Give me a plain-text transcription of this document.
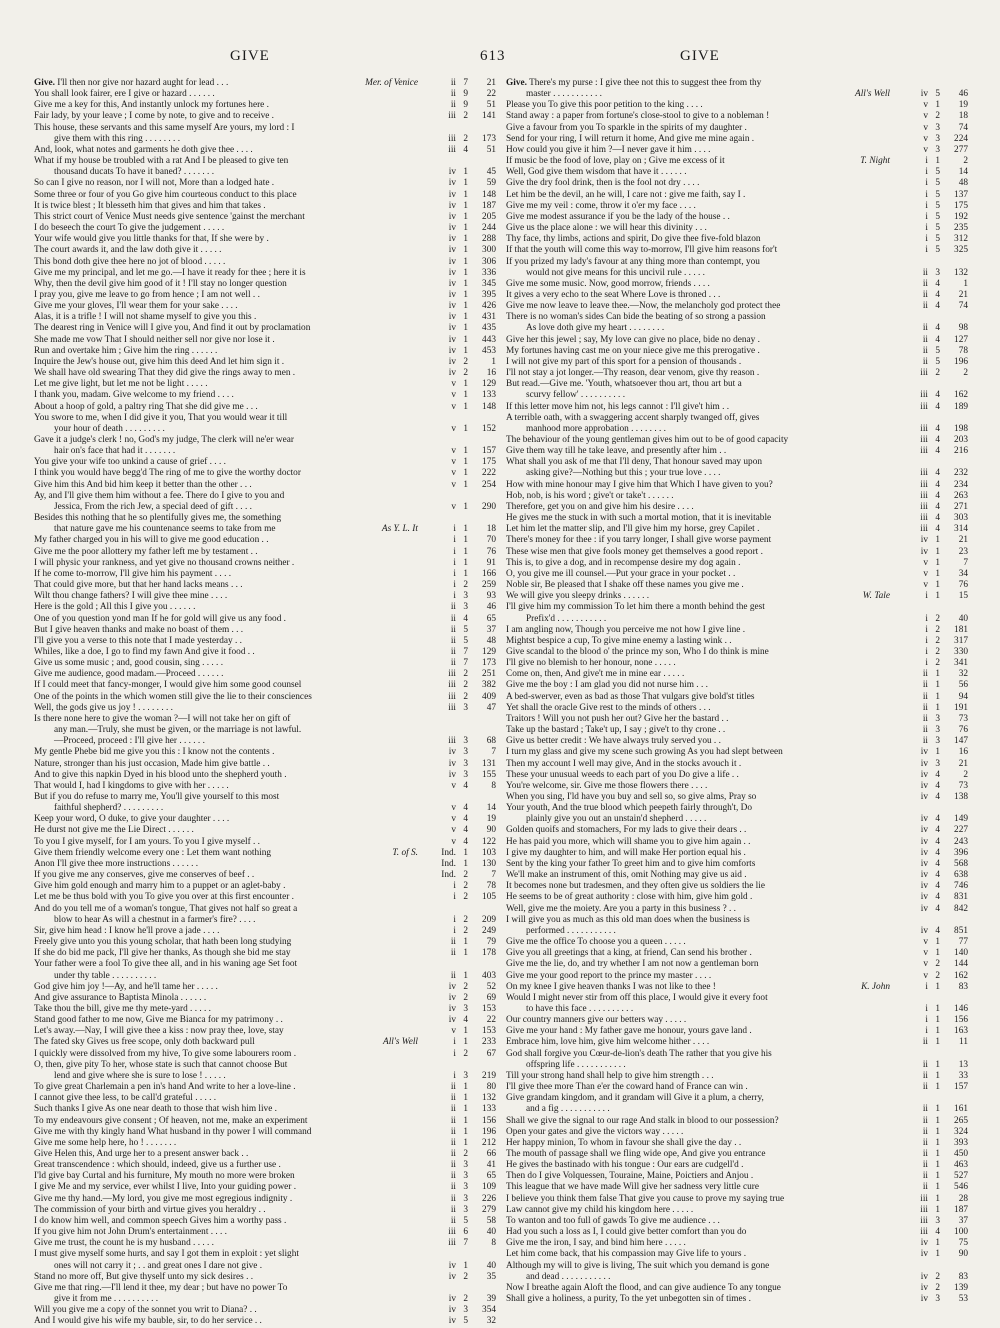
GIVE	613	GIVE
Give. I'll then nor give nor hazard aught for lead . . .	Mer. of Venice	ii 7	21
You shall look fairer, ere I give or hazard . . . . . .	ii 9	22
Give me a key for this, And instantly unlock my fortunes here .	ii 9	51
Fair lady, by your leave ; I come by note, to give and to receive .	iii 2	141
This house, these servants and this same myself Are yours, my lord : I
give them with this ring . . . . . . . .	iii 2	173
And, look, what notes and garments he doth give thee . . . .	iii 4	51
What if my house be troubled with a rat And I be pleased to give ten
thousand ducats To have it baned? . . . . . . .	iv 1	45
So can I give no reason, nor I will not, More than a lodged hate .	iv 1	59
Some three or four of you Go give him courteous conduct to this place	iv 1	148
It is twice blest ; It blesseth him that gives and him that takes .	iv 1	187
This strict court of Venice Must needs give sentence 'gainst the merchant	iv 1	205
I do beseech the court To give the judgement . . . . .	iv 1	244
Your wife would give you little thanks for that, If she were by .	iv 1	288
The court awards it, and the law doth give it . . . . .	iv 1	300
This bond doth give thee here no jot of blood . . . . .	iv 1	306
Give me my principal, and let me go.—I have it ready for thee ; here it is	iv 1	336
Why, then the devil give him good of it ! I'll stay no longer question	iv 1	345
I pray you, give me leave to go from hence ; I am not well . .	iv 1	395
Give me your gloves, I'll wear them for your sake . . . .	iv 1	426
Alas, it is a trifle ! I will not shame myself to give you this .	iv 1	431
The dearest ring in Venice will I give you, And find it out by proclamation	iv 1	435
She made me vow That I should neither sell nor give nor lose it .	iv 1	443
Run and overtake him ; Give him the ring . . . . . .	iv 1	453
Inquire the Jew's house out, give him this deed And let him sign it .	iv 2	1
We shall have old swearing That they did give the rings away to men .	iv 2	16
Let me give light, but let me not be light . . . . .	v 1	129
I thank you, madam. Give welcome to my friend . . . .	v 1	133
About a hoop of gold, a paltry ring That she did give me . . .	v 1	148
You swore to me, when I did give it you, That you would wear it till
your hour of death . . . . . . . . .	v 1	152
Gave it a judge's clerk ! no, God's my judge, The clerk will ne'er wear
hair on's face that had it . . . . . . .	v 1	157
You give your wife too unkind a cause of grief . . . .	v 1	175
I think you would have begg'd The ring of me to give the worthy doctor	v 1	222
Give him this And bid him keep it better than the other . . .	v 1	254
Ay, and I'll give them him without a fee. There do I give to you and
Jessica, From the rich Jew, a special deed of gift . . . .	v 1	290
Besides this nothing that he so plentifully gives me, the something
that nature gave me his countenance seems to take from me	As Y. L. It	i 1	18
My father charged you in his will to give me good education . .	i 1	70
Give me the poor allottery my father left me by testament . .	i 1	76
I will physic your rankness, and yet give no thousand crowns neither .	i 1	91
If he come to-morrow, I'll give him his payment . . . .	i 1	166
That could give more, but that her hand lacks means . . .	i 2	259
Wilt thou change fathers? I will give thee mine . . . .	i 3	93
Here is the gold ; All this I give you . . . . . .	ii 3	46
One of you question yond man If he for gold will give us any food .	ii 4	65
But I give heaven thanks and make no boast of them . . .	ii 5	37
I'll give you a verse to this note that I made yesterday . .	ii 5	48
Whiles, like a doe, I go to find my fawn And give it food . .	ii 7	129
Give us some music ; and, good cousin, sing . . . . .	ii 7	173
Give me audience, good madam.—Proceed . . . . . .	iii 2	251
If I could meet that fancy-monger, I would give him some good counsel	iii 2	382
One of the points in the which women still give the lie to their consciences	iii 2	409
Well, the gods give us joy ! . . . . . . . .	iii 3	47
Is there none here to give the woman ?—I will not take her on gift of
any man.—Truly, she must be given, or the marriage is not lawful.
—Proceed, proceed : I'll give her . . . . . .	iii 3	68
My gentle Phebe bid me give you this : I know not the contents .	iv 3	7
Nature, stronger than his just occasion, Made him give battle . .	iv 3	131
And to give this napkin Dyed in his blood unto the shepherd youth .	iv 3	155
That would I, had I kingdoms to give with her . . . . .	v 4	8
But if you do refuse to marry me, You'll give yourself to this most
faithful shepherd? . . . . . . . . .	v 4	14
Keep your word, O duke, to give your daughter . . . .	v 4	19
He durst not give me the Lie Direct . . . . . .	v 4	90
To you I give myself, for I am yours. To you I give myself . .	v 4	122
Give them friendly welcome every one : Let them want nothing	T. of S.	Ind. 1	103
Anon I'll give thee more instructions . . . . . .	Ind. 1	130
If you give me any conserves, give me conserves of beef . .	Ind. 2	7
Give him gold enough and marry him to a puppet or an aglet-baby .	i 2	78
Let me be thus bold with you To give you over at this first encounter .	i 2	105
And do you tell me of a woman's tongue, That gives not half so great a
blow to hear As will a chestnut in a farmer's fire? . . . .	i 2	209
Sir, give him head : I know he'll prove a jade . . . .	i 2	249
Freely give unto you this young scholar, that hath been long studying	ii 1	79
If she do bid me pack, I'll give her thanks, As though she bid me stay	ii 1	178
Your father were a fool To give thee all, and in his waning age Set foot
under thy table . . . . . . . . . .	ii 1	403
God give him joy !—Ay, and he'll tame her . . . . .	iv 2	52
And give assurance to Baptista Minola . . . . . .	iv 2	69
Take thou the bill, give me thy mete-yard . . . . .	iv 3	153
Stand good father to me now, Give me Bianca for my patrimony . .	iv 4	22
Let's away.—Nay, I will give thee a kiss : now pray thee, love, stay	v 1	153
The fated sky Gives us free scope, only doth backward pull	All's Well	i 1	233
I quickly were dissolved from my hive, To give some labourers room .	i 2	67
O, then, give pity To her, whose state is such that cannot choose But
lend and give where she is sure to lose ! . . . . .	i 3	219
To give great Charlemain a pen in's hand And write to her a love-line .	ii 1	80
I cannot give thee less, to be call'd grateful . . . . .	ii 1	132
Such thanks I give As one near death to those that wish him live .	ii 1	133
To my endeavours give consent ; Of heaven, not me, make an experiment	ii 1	156
Give me with thy kingly hand What husband in thy power I will command	ii 1	196
Give me some help here, ho ! . . . . . . .	ii 1	212
Give Helen this, And urge her to a present answer back . .	ii 2	66
Great transcendence : which should, indeed, give us a further use .	ii 3	41
I'ld give bay Curtal and his furniture, My mouth no more were broken	ii 3	65
I give Me and my service, ever whilst I live, Into your guiding power .	ii 3	109
Give me thy hand.—My lord, you give me most egregious indignity .	ii 3	226
The commission of your birth and virtue gives you heraldry . .	ii 3	279
I do know him well, and common speech Gives him a worthy pass .	ii 5	58
If you give him not John Drum's entertainment . . . .	iii 6	40
Give me trust, the count he is my husband . . . . .	iii 7	8
I must give myself some hurts, and say I got them in exploit : yet slight
ones will not carry it ; . . and great ones I dare not give .	iv 1	40
Stand no more off, But give thyself unto my sick desires . .	iv 2	35
Give me that ring.—I'll lend it thee, my dear ; but have no power To
give it from me . . . . . . . . . .	iv 2	39
Will you give me a copy of the sonnet you writ to Diana? . .	iv 3	354
And I would give his wife my bauble, sir, to do her service . .	iv 5	32
Give. There's my purse : I give thee not this to suggest thee from thy
master . . . . . . . . . . .	All's Well	iv 5	46
Please you To give this poor petition to the king . . . .	v 1	19
Stand away : a paper from fortune's close-stool to give to a nobleman !	v 2	18
Give a favour from you To sparkle in the spirits of my daughter .	v 3	74
Send for your ring, I will return it home, And give me mine again .	v 3	224
How could you give it him ?—I never gave it him . . . .	v 3	277
If music be the food of love, play on ; Give me excess of it	T. Night	i 1	2
Well, God give them wisdom that have it . . . . . .	i 5	14
Give the dry fool drink, then is the fool not dry . . . .	i 5	48
Let him be the devil, an he will, I care not : give me faith, say I .	i 5	137
Give me my veil : come, throw it o'er my face . . . .	i 5	175
Give me modest assurance if you be the lady of the house . .	i 5	192
Give us the place alone : we will hear this divinity . . .	i 5	235
Thy face, thy limbs, actions and spirit, Do give thee five-fold blazon	i 5	312
If that the youth will come this way to-morrow, I'll give him reasons for't	i 5	325
If you prized my lady's favour at any thing more than contempt, you
would not give means for this uncivil rule . . . . .	ii 3	132
Give me some music. Now, good morrow, friends . . . .	ii 4	1
It gives a very echo to the seat Where Love is throned . . .	ii 4	21
Give me now leave to leave thee.—Now, the melancholy god protect thee	ii 4	74
There is no woman's sides Can bide the beating of so strong a passion
As love doth give my heart . . . . . . . .	ii 4	98
Give her this jewel ; say, My love can give no place, bide no denay .	ii 4	127
My fortunes having cast me on your niece give me this prerogative .	ii 5	78
I will not give my part of this sport for a pension of thousands .	ii 5	196
I'll not stay a jot longer.—Thy reason, dear venom, give thy reason .	iii 2	2
But read.—Give me. 'Youth, whatsoever thou art, thou art but a
scurvy fellow' . . . . . . . . . .	iii 4	162
If this letter move him not, his legs cannot : I'll give't him . .	iii 4	189
A terrible oath, with a swaggering accent sharply twanged off, gives
manhood more approbation . . . . . . . .	iii 4	198
The behaviour of the young gentleman gives him out to be of good capacity	iii 4	203
Give them way till he take leave, and presently after him . .	iii 4	216
What shall you ask of me that I'll deny, That honour saved may upon
asking give?—Nothing but this ; your true love . . . .	iii 4	232
How with mine honour may I give him that Which I have given to you?	iii 4	234
Hob, nob, is his word ; give't or take't . . . . . .	iii 4	263
Therefore, get you on and give him his desire . . . .	iii 4	271
He gives me the stuck in with such a mortal motion, that it is inevitable	iii 4	303
Let him let the matter slip, and I'll give him my horse, grey Capilet .	iii 4	314
There's money for thee : if you tarry longer, I shall give worse payment	iv 1	21
These wise men that give fools money get themselves a good report .	iv 1	23
This is, to give a dog, and in recompense desire my dog again .	v 1	7
O, you give me ill counsel.—Put your grace in your pocket . .	v 1	34
Noble sir, Be pleased that I shake off these names you give me .	v 1	76
We will give you sleepy drinks . . . . . .	W. Tale	i 1	15
I'll give him my commission To let him there a month behind the gest
Prefix'd . . . . . . . . . . .	i 2	40
I am angling now, Though you perceive me not how I give line .	i 2	181
Mightst bespice a cup, To give mine enemy a lasting wink . .	i 2	317
Give scandal to the blood o' the prince my son, Who I do think is mine	i 2	330
I'll give no blemish to her honour, none . . . . .	i 2	341
Come on, then, And give't me in mine ear . . . . .	ii 1	32
Give me the boy : I am glad you did not nurse him . . .	ii 1	56
A bed-swerver, even as bad as those That vulgars give bold'st titles	ii 1	94
Yet shall the oracle Give rest to the minds of others . . .	ii 1	191
Traitors ! Will you not push her out? Give her the bastard . .	ii 3	73
Take up the bastard ; Take't up, I say ; give't to thy crone . .	ii 3	76
Give us better credit : We have always truly served you . .	ii 3	147
I turn my glass and give my scene such growing As you had slept between	iv 1	16
Then my account I well may give, And in the stocks avouch it .	iv 3	21
These your unusual weeds to each part of you Do give a life . .	iv 4	2
You're welcome, sir. Give me those flowers there . . . .	iv 4	73
When you sing, I'ld have you buy and sell so, so give alms, Pray so	iv 4	138
Your youth, And the true blood which peepeth fairly through't, Do
plainly give you out an unstain'd shepherd . . . . .	iv 4	149
Golden quoifs and stomachers, For my lads to give their dears . .	iv 4	227
He has paid you more, which will shame you to give him again . .	iv 4	243
I give my daughter to him, and will make Her portion equal his .	iv 4	396
Sent by the king your father To greet him and to give him comforts	iv 4	568
We'll make an instrument of this, omit Nothing may give us aid .	iv 4	638
It becomes none but tradesmen, and they often give us soldiers the lie	iv 4	746
He seems to be of great authority : close with him, give him gold .	iv 4	831
Well, give me the moiety. Are you a party in this business ? . .	iv 4	842
I will give you as much as this old man does when the business is
performed . . . . . . . . . . .	iv 4	851
Give me the office To choose you a queen . . . . .	v 1	77
Give you all greetings that a king, at friend, Can send his brother .	v 1	140
Give me the lie, do, and try whether I am not now a gentleman born	v 2	144
Give me your good report to the prince my master . . . .	v 2	162
On my knee I give heaven thanks I was not like to thee !	K. John	i 1	83
Would I might never stir from off this place, I would give it every foot
to have this face . . . . . . . . . .	i 1	146
Our country manners give our betters way . . . . .	i 1	156
Give me your hand : My father gave me honour, yours gave land .	i 1	163
Embrace him, love him, give him welcome hither . . . .	ii 1	11
God shall forgive you Cœur-de-lion's death The rather that you give his
offspring life . . . . . . . . . . .	ii 1	13
Till your strong hand shall help to give him strength . . .	ii 1	33
I'll give thee more Than e'er the coward hand of France can win .	ii 1	157
Give grandam kingdom, and it grandam will Give it a plum, a cherry,
and a fig . . . . . . . . . . .	ii 1	161
Shall we give the signal to our rage And stalk in blood to our possession?	ii 1	265
Open your gates and give the victors way . . . . .	ii 1	324
Her happy minion, To whom in favour she shall give the day . .	ii 1	393
The mouth of passage shall we fling wide ope, And give you entrance	ii 1	450
He gives the bastinado with his tongue : Our ears are cudgell'd .	ii 1	463
Then do I give Volquessen, Touraine, Maine, Poictiers and Anjou .	ii 1	527
This league that we have made Will give her sadness very little cure	ii 1	546
I believe you think them false That give you cause to prove my saying true	iii 1	28
Law cannot give my child his kingdom here . . . . .	iii 1	187
To wanton and too full of gawds To give me audience . . .	iii 3	37
Had you such a loss as I, I could give better comfort than you do	iii 4	100
Give me the iron, I say, and bind him here . . . . .	iv 1	75
Let him come back, that his compassion may Give life to yours .	iv 1	90
Although my will to give is living, The suit which you demand is gone
and dead . . . . . . . . . . .	iv 2	83
Now I breathe again Aloft the flood, and can give audience To any tongue	iv 2	139
Shall give a holiness, a purity, To the yet unbegotten sin of times .	iv 3	53
